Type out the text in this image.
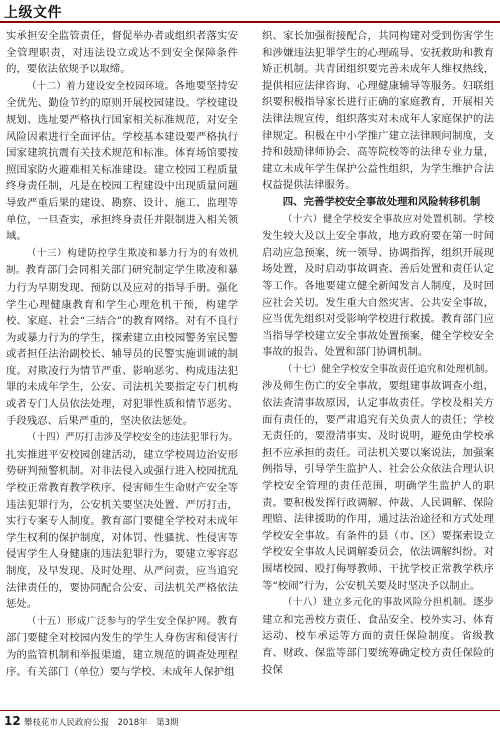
上级文件

实承担安全监管责任，督促举办者或组织者落实安全管理职责，对违法设立或达不到安全保障条件的，要依法依规予以取缔。

（十二）着力建设安全校园环境。各地要坚持安全优先、勤俭节约的原则开展校园建设。学校建设规划、选址要严格执行国家相关标准规范，对安全风险因素进行全面评估。学校基本建设要严格执行国家建筑抗震有关技术规范和标准。体育场馆要按照国家防火避难相关标准建设。建立校园工程质量终身责任制，凡是在校园工程建设中出现质量问题导致严重后果的建设、勘察、设计、施工、监理等单位，一旦查实，承担终身责任并限制进入相关领域。

（十三）构建防控学生欺凌和暴力行为的有效机制。教育部门会同相关部门研究制定学生欺凌和暴力行为早期发现、预防以及应对的指导手册。强化学生心理健康教育和学生心理危机干预，构建学校、家庭、社会“三结合”的教育网络。对有不良行为或暴力行为的学生，探索建立由校园警务室民警或者担任法治副校长、辅导员的民警实施训诫的制度。对欺凌行为情节严重、影响恶劣、构成违法犯罪的未成年学生，公安、司法机关要指定专门机构或者专门人员依法处理，对犯罪性质和情节恶劣、手段残忍、后果严重的，坚决依法惩处。

（十四）严厉打击涉及学校安全的违法犯罪行为。扎实推进平安校园创建活动，建立学校周边治安形势研判预警机制。对非法侵入或强行进入校园扰乱学校正常教育教学秩序、侵害师生生命财产安全等违法犯罪行为，公安机关要坚决处置、严厉打击，实行专案专人制度。教育部门要健全学校对未成年学生权利的保护制度，对体罚、性骚扰、性侵害等侵害学生人身健康的违法犯罪行为，要建立零容忍制度，及早发现、及时处理、从严问责，应当追究法律责任的，要协同配合公安、司法机关严格依法惩处。

（十五）形成广泛参与的学生安全保护网。教育部门要健全对校园内发生的学生人身伤害和侵害行为的监管机制和举报渠道，建立规范的调查处理程序。有关部门（单位）要与学校、未成年人保护组

织、家长加强衔接配合，共同构建对受到伤害学生和涉嫌违法犯罪学生的心理疏导、安抚救助和教育矫正机制。共青团组织要完善未成年人维权热线，提供相应法律咨询、心理健康辅导等服务。妇联组织要积极指导家长进行正确的家庭教育，开展相关法律法规宣传，组织落实对未成年人家庭保护的法律规定。积极在中小学推广建立法律顾问制度，支持和鼓励律师协会、高等院校等的法律专业力量，建立未成年学生保护公益性组织，为学生维护合法权益提供法律服务。

四、完善学校安全事故处理和风险转移机制

（十六）健全学校安全事故应对处置机制。学校发生较大及以上安全事故，地方政府要在第一时间启动应急预案，统一领导、协调指挥，组织开展现场处置，及时启动事故调查、善后处置和责任认定等工作。各地要建立健全新闻发言人制度，及时回应社会关切。发生重大自然灾害、公共安全事故，应当优先组织对受影响学校进行救援。教育部门应当指导学校建立安全事故处置预案，健全学校安全事故的报告、处置和部门协调机制。

（十七）健全学校安全事故责任追究和处理机制。涉及师生伤亡的安全事故，要组建事故调查小组，依法查清事故原因，认定事故责任。学校及相关方面有责任的，要严肃追究有关负责人的责任；学校无责任的，要澄清事实、及时说明，避免由学校承担不应承担的责任。司法机关要以案说法，加强案例指导，引导学生监护人、社会公众依法合理认识学校安全管理的责任范围，明确学生监护人的职责。要积极发挥行政调解、仲裁、人民调解、保险理赔、法律援助的作用，通过法治途径和方式处理学校安全事故。有条件的县（市、区）要探索设立学校安全事故人民调解委员会，依法调解纠纷。对围堵校园、殴打侮辱教师、干扰学校正常教学秩序等“校闹”行为，公安机关要及时坚决予以制止。

（十八）建立多元化的事故风险分担机制。逐步建立和完善校方责任、食品安全、校外实习、体育运动、校车承运等方面的责任保险制度。省级教育、财政、保监等部门要统筹确定校方责任保险的投保

12 攀枝花市人民政府公报　2018年　第3期
